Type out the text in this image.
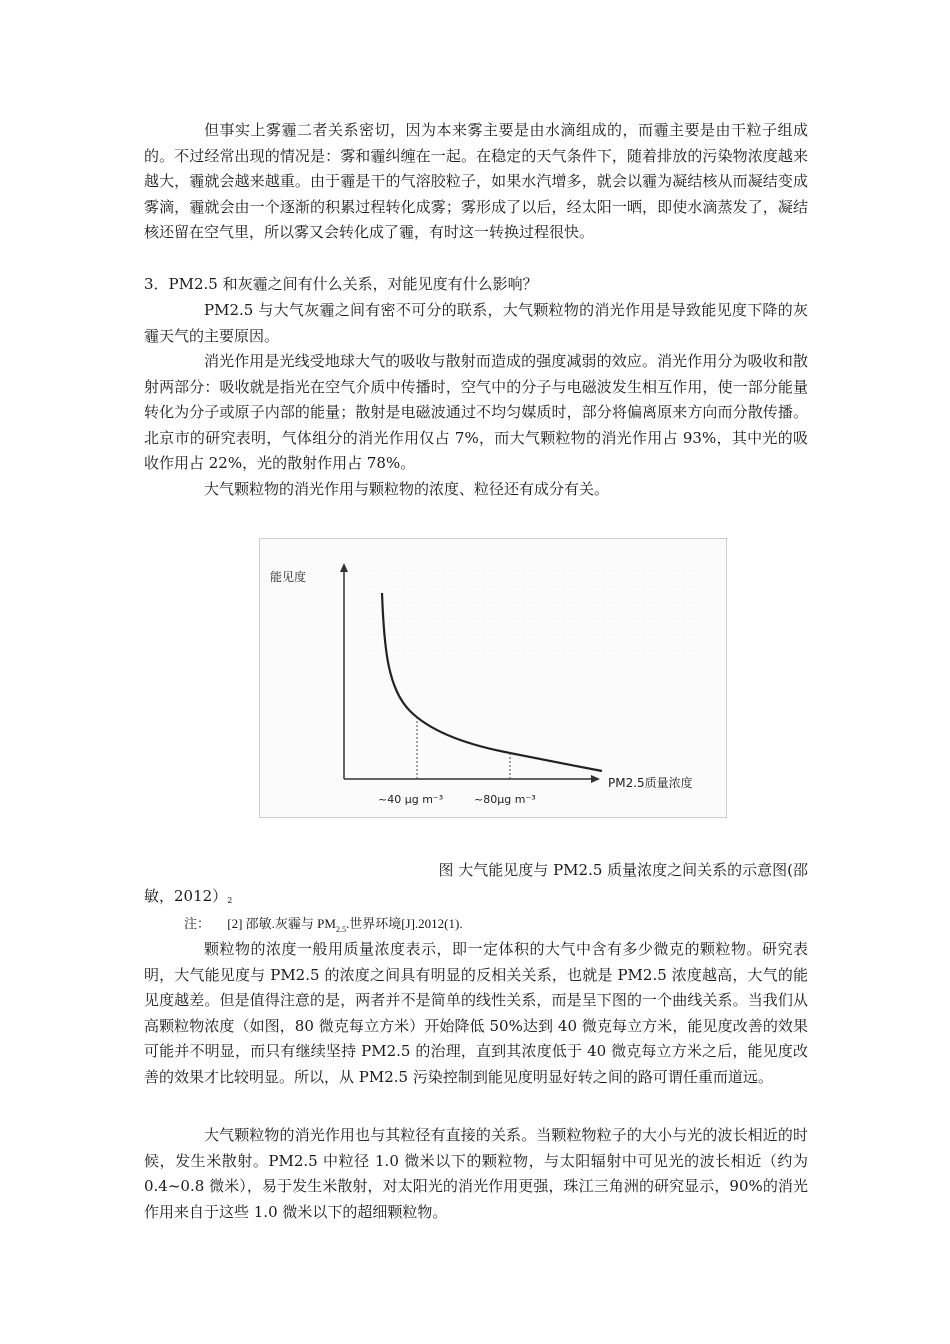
但事实上雾霾二者关系密切，因为本来雾主要是由水滴组成的，而霾主要是由干粒子组成的。不过经常出现的情况是：雾和霾纠缠在一起。在稳定的天气条件下，随着排放的污染物浓度越来越大，霾就会越来越重。由于霾是干的气溶胶粒子，如果水汽增多，就会以霾为凝结核从而凝结变成雾滴，霾就会由一个逐渐的积累过程转化成雾；雾形成了以后，经太阳一晒，即使水滴蒸发了，凝结核还留在空气里，所以雾又会转化成了霾，有时这一转换过程很快。

3．PM2.5 和灰霾之间有什么关系，对能见度有什么影响？

PM2.5 与大气灰霾之间有密不可分的联系，大气颗粒物的消光作用是导致能见度下降的灰霾天气的主要原因。

消光作用是光线受地球大气的吸收与散射而造成的强度减弱的效应。消光作用分为吸收和散射两部分：吸收就是指光在空气介质中传播时，空气中的分子与电磁波发生相互作用，使一部分能量转化为分子或原子内部的能量；散射是电磁波通过不均匀媒质时，部分将偏离原来方向而分散传播。北京市的研究表明，气体组分的消光作用仅占 7%，而大气颗粒物的消光作用占 93%，其中光的吸收作用占 22%，光的散射作用占 78%。

大气颗粒物的消光作用与颗粒物的浓度、粒径还有成分有关。

能见度
PM2.5质量浓度
~40 μg m⁻³	~80μg m⁻³

图 大气能见度与 PM2.5 质量浓度之间关系的示意图(邵

敏，$2012)_2$

注： [2] 邵敏.灰霾与 $PM_{2.5}$.世界环境[J].2012(1).

颗粒物的浓度一般用质量浓度表示，即一定体积的大气中含有多少微克的颗粒物。研究表明，大气能见度与 PM2.5 的浓度之间具有明显的反相关关系，也就是 PM2.5 浓度越高，大气的能见度越差。但是值得注意的是，两者并不是简单的线性关系，而是呈下图的一个曲线关系。当我们从高颗粒物浓度（如图，80 微克每立方米）开始降低 50%达到 40 微克每立方米，能见度改善的效果可能并不明显，而只有继续坚持 PM2.5 的治理，直到其浓度低于 40 微克每立方米之后，能见度改善的效果才比较明显。所以，从 PM2.5 污染控制到能见度明显好转之间的路可谓任重而道远。

大气颗粒物的消光作用也与其粒径有直接的关系。当颗粒物粒子的大小与光的波长相近的时候，发生米散射。PM2.5 中粒径 1.0 微米以下的颗粒物，与太阳辐射中可见光的波长相近（约为 0.4~0.8 微米），易于发生米散射，对太阳光的消光作用更强，珠江三角洲的研究显示，90%的消光作用来自于这些 1.0 微米以下的超细颗粒物。
